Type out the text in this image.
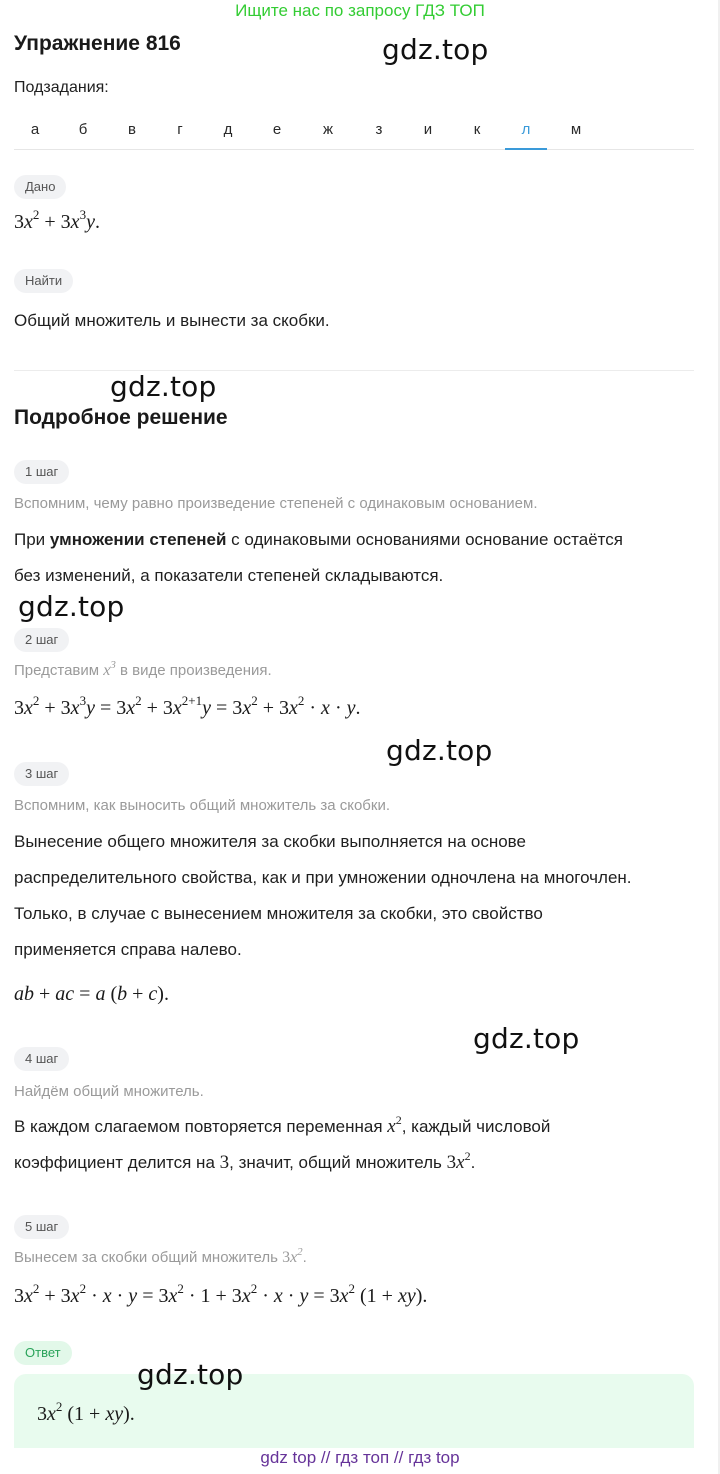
Ищите нас по запросу ГДЗ ТОП
Упражнение 816	gdz.top
Подзадания:
а	б	в	г	д	е	ж	з	и	к	л	м
Дано
$3x^2 + 3x^3y$.
Найти
Общий множитель и вынести за скобки.
gdz.top
Подробное решение
1 шаг
Вспомним, чему равно произведение степеней с одинаковым основанием.
При умножении степеней с одинаковыми основаниями основание остаётся
без изменений, а показатели степеней складываются.
gdz.top
2 шаг
Представим $x^3$ в виде произведения.
$3x^2 + 3x^3y = 3x^2 + 3x^{2+1}y = 3x^2 + 3x^2 \cdot x \cdot y$.
gdz.top
3 шаг
Вспомним, как выносить общий множитель за скобки.
Вынесение общего множителя за скобки выполняется на основе
распределительного свойства, как и при умножении одночлена на многочлен.
Только, в случае с вынесением множителя за скобки, это свойство
применяется справа налево.
ab + ac = a (b + c).
gdz.top
4 шаг
Найдём общий множитель.
В каждом слагаемом повторяется переменная $x^2$, каждый числовой
коэффициент делится на 3, значит, общий множитель $3x^2$.
5 шаг
Вынесем за скобки общий множитель $3x^2$.
$3x^2 + 3x^2 \cdot x \cdot y = 3x^2 \cdot 1 + 3x^2 \cdot x \cdot y = 3x^2$ (1 + xy).
Ответ
gdz.top
$3x^2$ (1 + xy).
gdz top // гдз топ // гдз top
